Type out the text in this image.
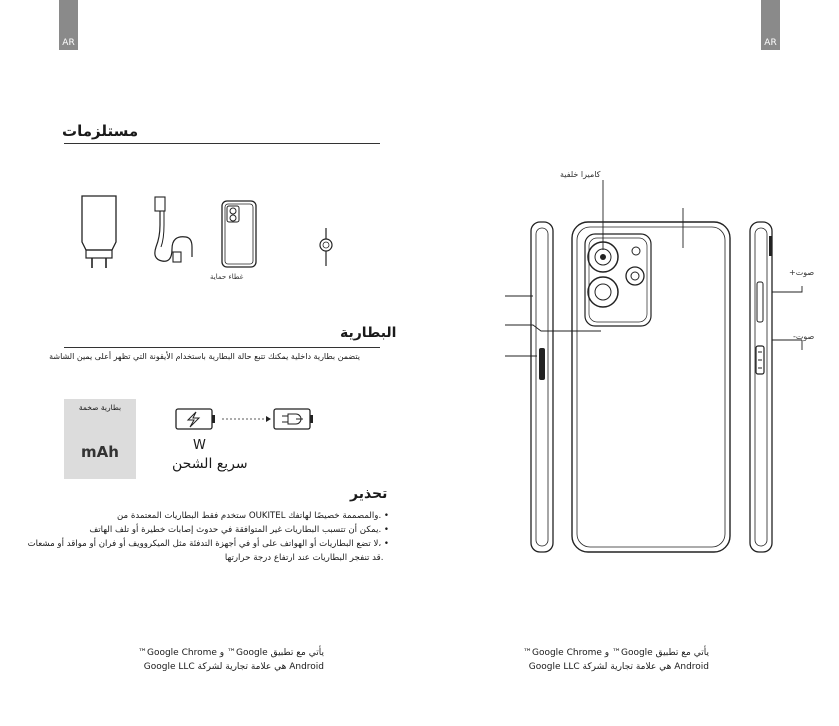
AR	AR
مستلزمات
غطاء حماية
البطارية
يتضمن بطارية داخلية يمكنك تتبع حالة البطارية باستخدام الأيقونة التي تظهر أعلى يمين الشاشة
بطارية صخمة
mAh	W
سريع الشحن
تحذير
• .والمصممة خصيصًا لهاتفك OUKITEL ستخدم فقط البطاريات المعتمدة من
• .يمكن أن تتسبب البطاريات غير المتوافقة في حدوث إصابات خطيرة أو تلف الهاتف
• ،لا تضع البطاريات أو الهواتف على أو في أجهزة التدفئة مثل الميكروويف أو فران أو مواقد أو مشعات
.قد تنفجر البطاريات عند ارتفاع درجة حرارتها
كاميرا خلفية
صوت+
صوت-
يأتي مع تطبيق Google™ و Google Chrome™
Android هي علامة تجارية لشركة Google LLC
يأتي مع تطبيق Google™ و Google Chrome™
Android هي علامة تجارية لشركة Google LLC
